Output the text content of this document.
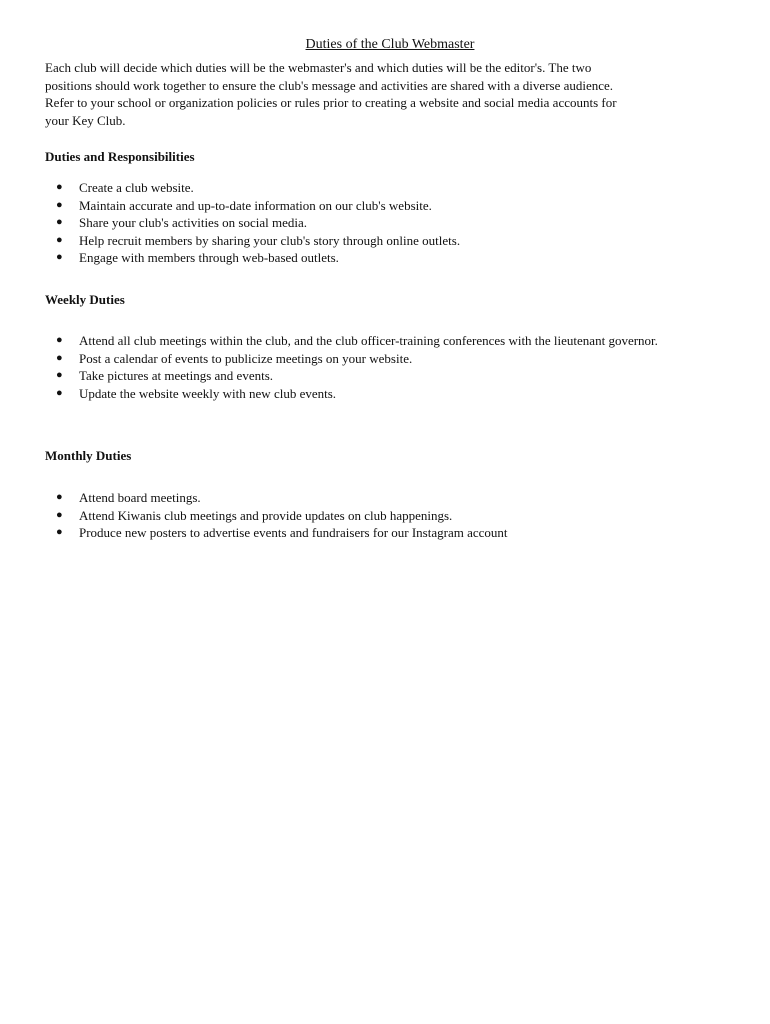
Duties of the Club Webmaster

Each club will decide which duties will be the webmaster's and which duties will be the editor's. The two
positions should work together to ensure the club's message and activities are shared with a diverse audience.
Refer to your school or organization policies or rules prior to creating a website and social media accounts for
your Key Club.

Duties and Responsibilities
● Create a club website.
● Maintain accurate and up-to-date information on our club's website.
● Share your club's activities on social media.
● Help recruit members by sharing your club's story through online outlets.
● Engage with members through web-based outlets.
Weekly Duties
● Attend all club meetings within the club, and the club officer-training conferences with the lieutenant governor.
● Post a calendar of events to publicize meetings on your website.
● Take pictures at meetings and events.
● Update the website weekly with new club events.
Monthly Duties
● Attend board meetings.
● Attend Kiwanis club meetings and provide updates on club happenings.
● Produce new posters to advertise events and fundraisers for our Instagram account
